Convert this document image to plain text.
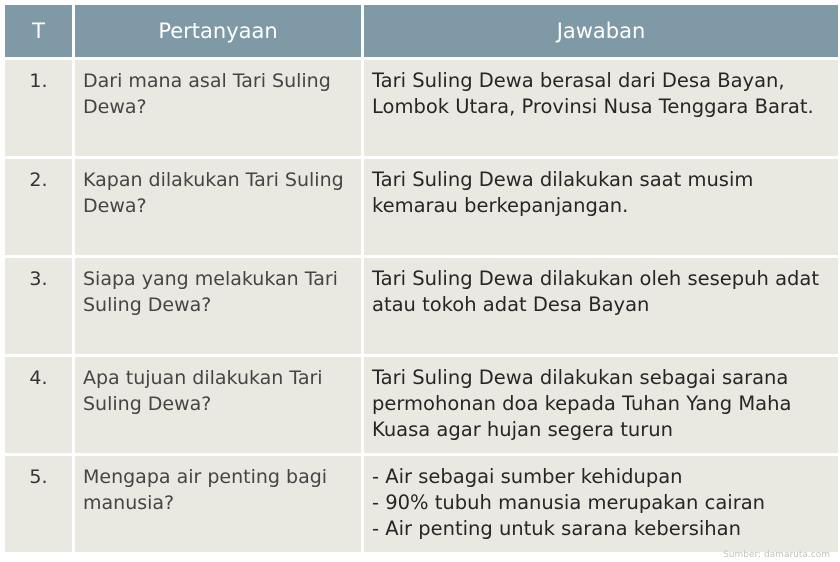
T	Pertanyaan	Jawaban
1.	Dari mana asal Tari Suling Dewa?	Tari Suling Dewa berasal dari Desa Bayan, Lombok Utara, Provinsi Nusa Tenggara Barat.

2.	Kapan dilakukan Tari Suling Dewa?	Tari Suling Dewa dilakukan saat musim kemarau berkepanjangan.

3.	Siapa yang melakukan Tari Suling Dewa?	Tari Suling Dewa dilakukan oleh sesepuh adat atau tokoh adat Desa Bayan

4.	Apa tujuan dilakukan Tari Suling Dewa?	Tari Suling Dewa dilakukan sebagai sarana permohonan doa kepada Tuhan Yang Maha Kuasa agar hujan segera turun

5.	Mengapa air penting bagi manusia?	- Air sebagai sumber kehidupan
- 90% tubuh manusia merupakan cairan
- Air penting untuk sarana kebersihan
Sumber: damaruta.com
